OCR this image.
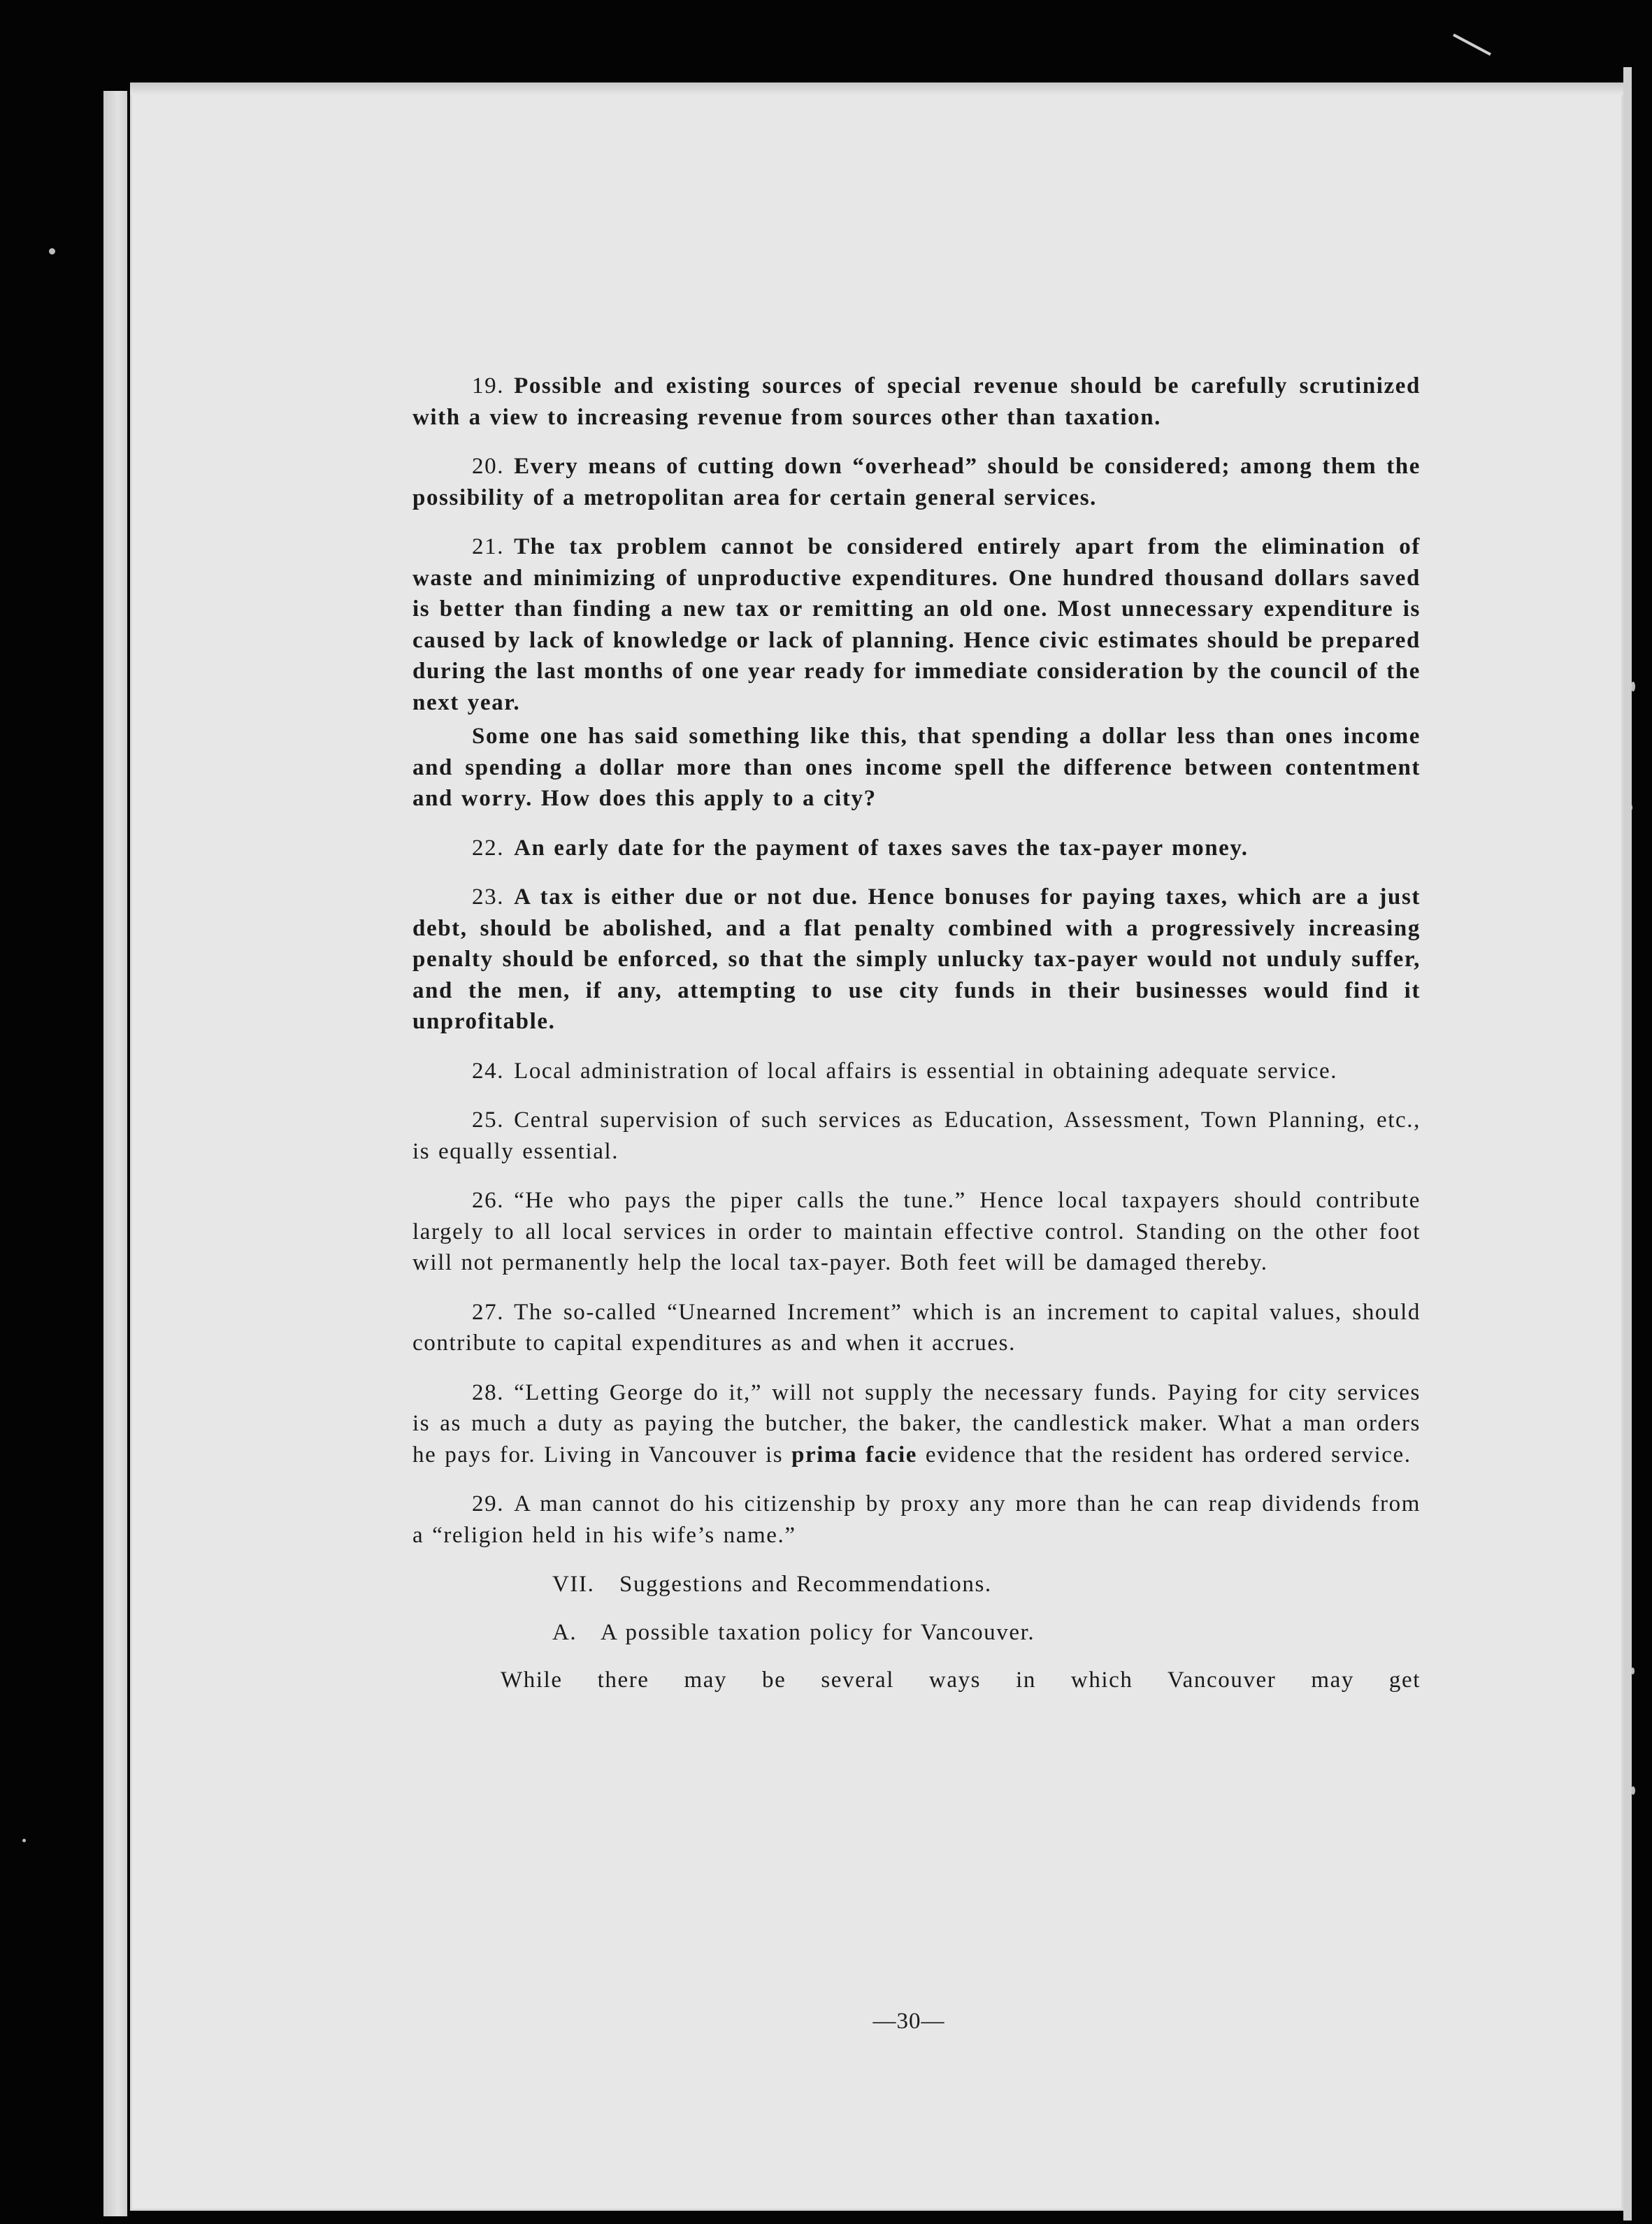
19. Possible and existing sources of special revenue should be carefully scrutinized with a view to increasing revenue from sources other than taxation.

20. Every means of cutting down “overhead” should be considered; among them the possibility of a metropolitan area for certain general services.

21. The tax problem cannot be considered entirely apart from the elimination of waste and minimizing of unproductive expenditures. One hundred thousand dollars saved is better than finding a new tax or remitting an old one. Most unnecessary expenditure is caused by lack of knowledge or lack of planning. Hence civic estimates should be prepared during the last months of one year ready for immediate consideration by the council of the next year.

Some one has said something like this, that spending a dollar less than ones income and spending a dollar more than ones income spell the difference between contentment and worry. How does this apply to a city?

22. An early date for the payment of taxes saves the tax-payer money.

23. A tax is either due or not due. Hence bonuses for paying taxes, which are a just debt, should be abolished, and a flat penalty combined with a progressively increasing penalty should be enforced, so that the simply unlucky tax-payer would not unduly suffer, and the men, if any, attempting to use city funds in their businesses would find it unprofitable.

24. Local administration of local affairs is essential in obtaining adequate service.

25. Central supervision of such services as Education, Assessment, Town Planning, etc., is equally essential.

26. “He who pays the piper calls the tune.” Hence local taxpayers should contribute largely to all local services in order to maintain effective control. Standing on the other foot will not permanently help the local tax-payer. Both feet will be damaged thereby.

27. The so-called “Unearned Increment” which is an increment to capital values, should contribute to capital expenditures as and when it accrues.

28. “Letting George do it,” will not supply the necessary funds. Paying for city services is as much a duty as paying the butcher, the baker, the candlestick maker. What a man orders he pays for. Living in Vancouver is prima facie evidence that the resident has ordered service.

29. A man cannot do his citizenship by proxy any more than he can reap dividends from a “religion held in his wife’s name.”

VII.   Suggestions and Recommendations.

A.   A possible taxation policy for Vancouver.

While there may be several ways in which Vancouver may get

—30—
